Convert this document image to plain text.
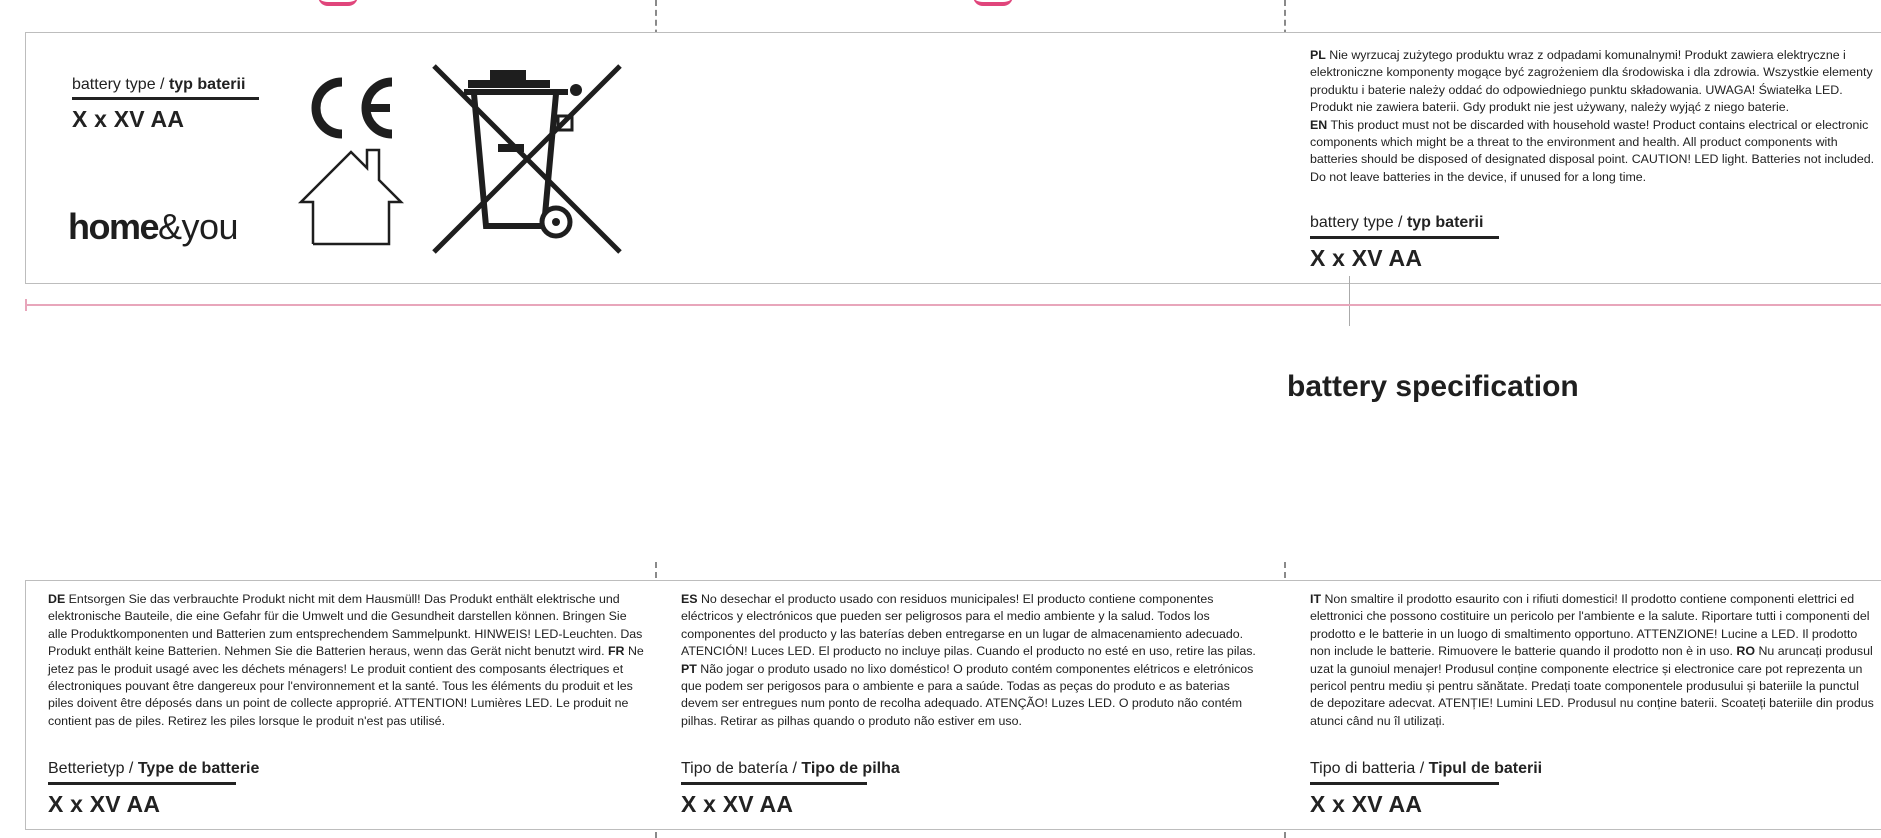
battery type / typ baterii
X x XV AA
home&you
PL Nie wyrzucaj zużytego produktu wraz z odpadami komunalnymi! Produkt zawiera elektryczne i elektroniczne komponenty mogące być zagrożeniem dla środowiska i dla zdrowia. Wszystkie elementy produktu i baterie należy oddać do odpowiedniego punktu składowania. UWAGA! Światełka LED. Produkt nie zawiera baterii. Gdy produkt nie jest używany, należy wyjąć z niego baterie.
EN This product must not be discarded with household waste! Product contains electrical or electronic components which might be a threat to the environment and health. All product components with batteries should be disposed of designated disposal point. CAUTION! LED light. Batteries not included. Do not leave batteries in the device, if unused for a long time.
battery type / typ baterii
X x XV AA
battery specification
DE Entsorgen Sie das verbrauchte Produkt nicht mit dem Hausmüll! Das Produkt enthält elektrische und elektronische Bauteile, die eine Gefahr für die Umwelt und die Gesundheit darstellen können. Bringen Sie alle Produktkomponenten und Batterien zum entsprechendem Sammelpunkt. HINWEIS! LED-Leuchten. Das Produkt enthält keine Batterien. Nehmen Sie die Batterien heraus, wenn das Gerät nicht benutzt wird. FR Ne jetez pas le produit usagé avec les déchets ménagers! Le produit contient des composants électriques et électroniques pouvant être dangereux pour l'environnement et la santé. Tous les éléments du produit et les piles doivent être déposés dans un point de collecte approprié. ATTENTION! Lumières LED. Le produit ne contient pas de piles. Retirez les piles lorsque le produit n'est pas utilisé.
Betterietyp / Type de batterie
X x XV AA
ES No desechar el producto usado con residuos municipales! El producto contiene componentes eléctricos y electrónicos que pueden ser peligrosos para el medio ambiente y la salud. Todos los componentes del producto y las baterías deben entregarse en un lugar de almacenamiento adecuado. ATENCIÓN! Luces LED. El producto no incluye pilas. Cuando el producto no esté en uso, retire las pilas. PT Não jogar o produto usado no lixo doméstico! O produto contém componentes elétricos e eletrónicos que podem ser perigosos para o ambiente e para a saúde. Todas as peças do produto e as baterias devem ser entregues num ponto de recolha adequado. ATENÇÃO! Luzes LED. O produto não contém pilhas. Retirar as pilhas quando o produto não estiver em uso.
Tipo de batería / Tipo de pilha
X x XV AA
IT Non smaltire il prodotto esaurito con i rifiuti domestici! Il prodotto contiene componenti elettrici ed elettronici che possono costituire un pericolo per l'ambiente e la salute. Riportare tutti i componenti del prodotto e le batterie in un luogo di smaltimento opportuno. ATTENZIONE! Lucine a LED. Il prodotto non include le batterie. Rimuovere le batterie quando il prodotto non è in uso. RO Nu aruncați produsul uzat la gunoiul menajer! Produsul conține componente electrice și electronice care pot reprezenta un pericol pentru mediu și pentru sănătate. Predați toate componentele produsului și bateriile la punctul de depozitare adecvat. ATENȚIE! Lumini LED. Produsul nu conține baterii. Scoateți bateriile din produs atunci când nu îl utilizați.
Tipo di batteria / Tipul de baterii
X x XV AA
